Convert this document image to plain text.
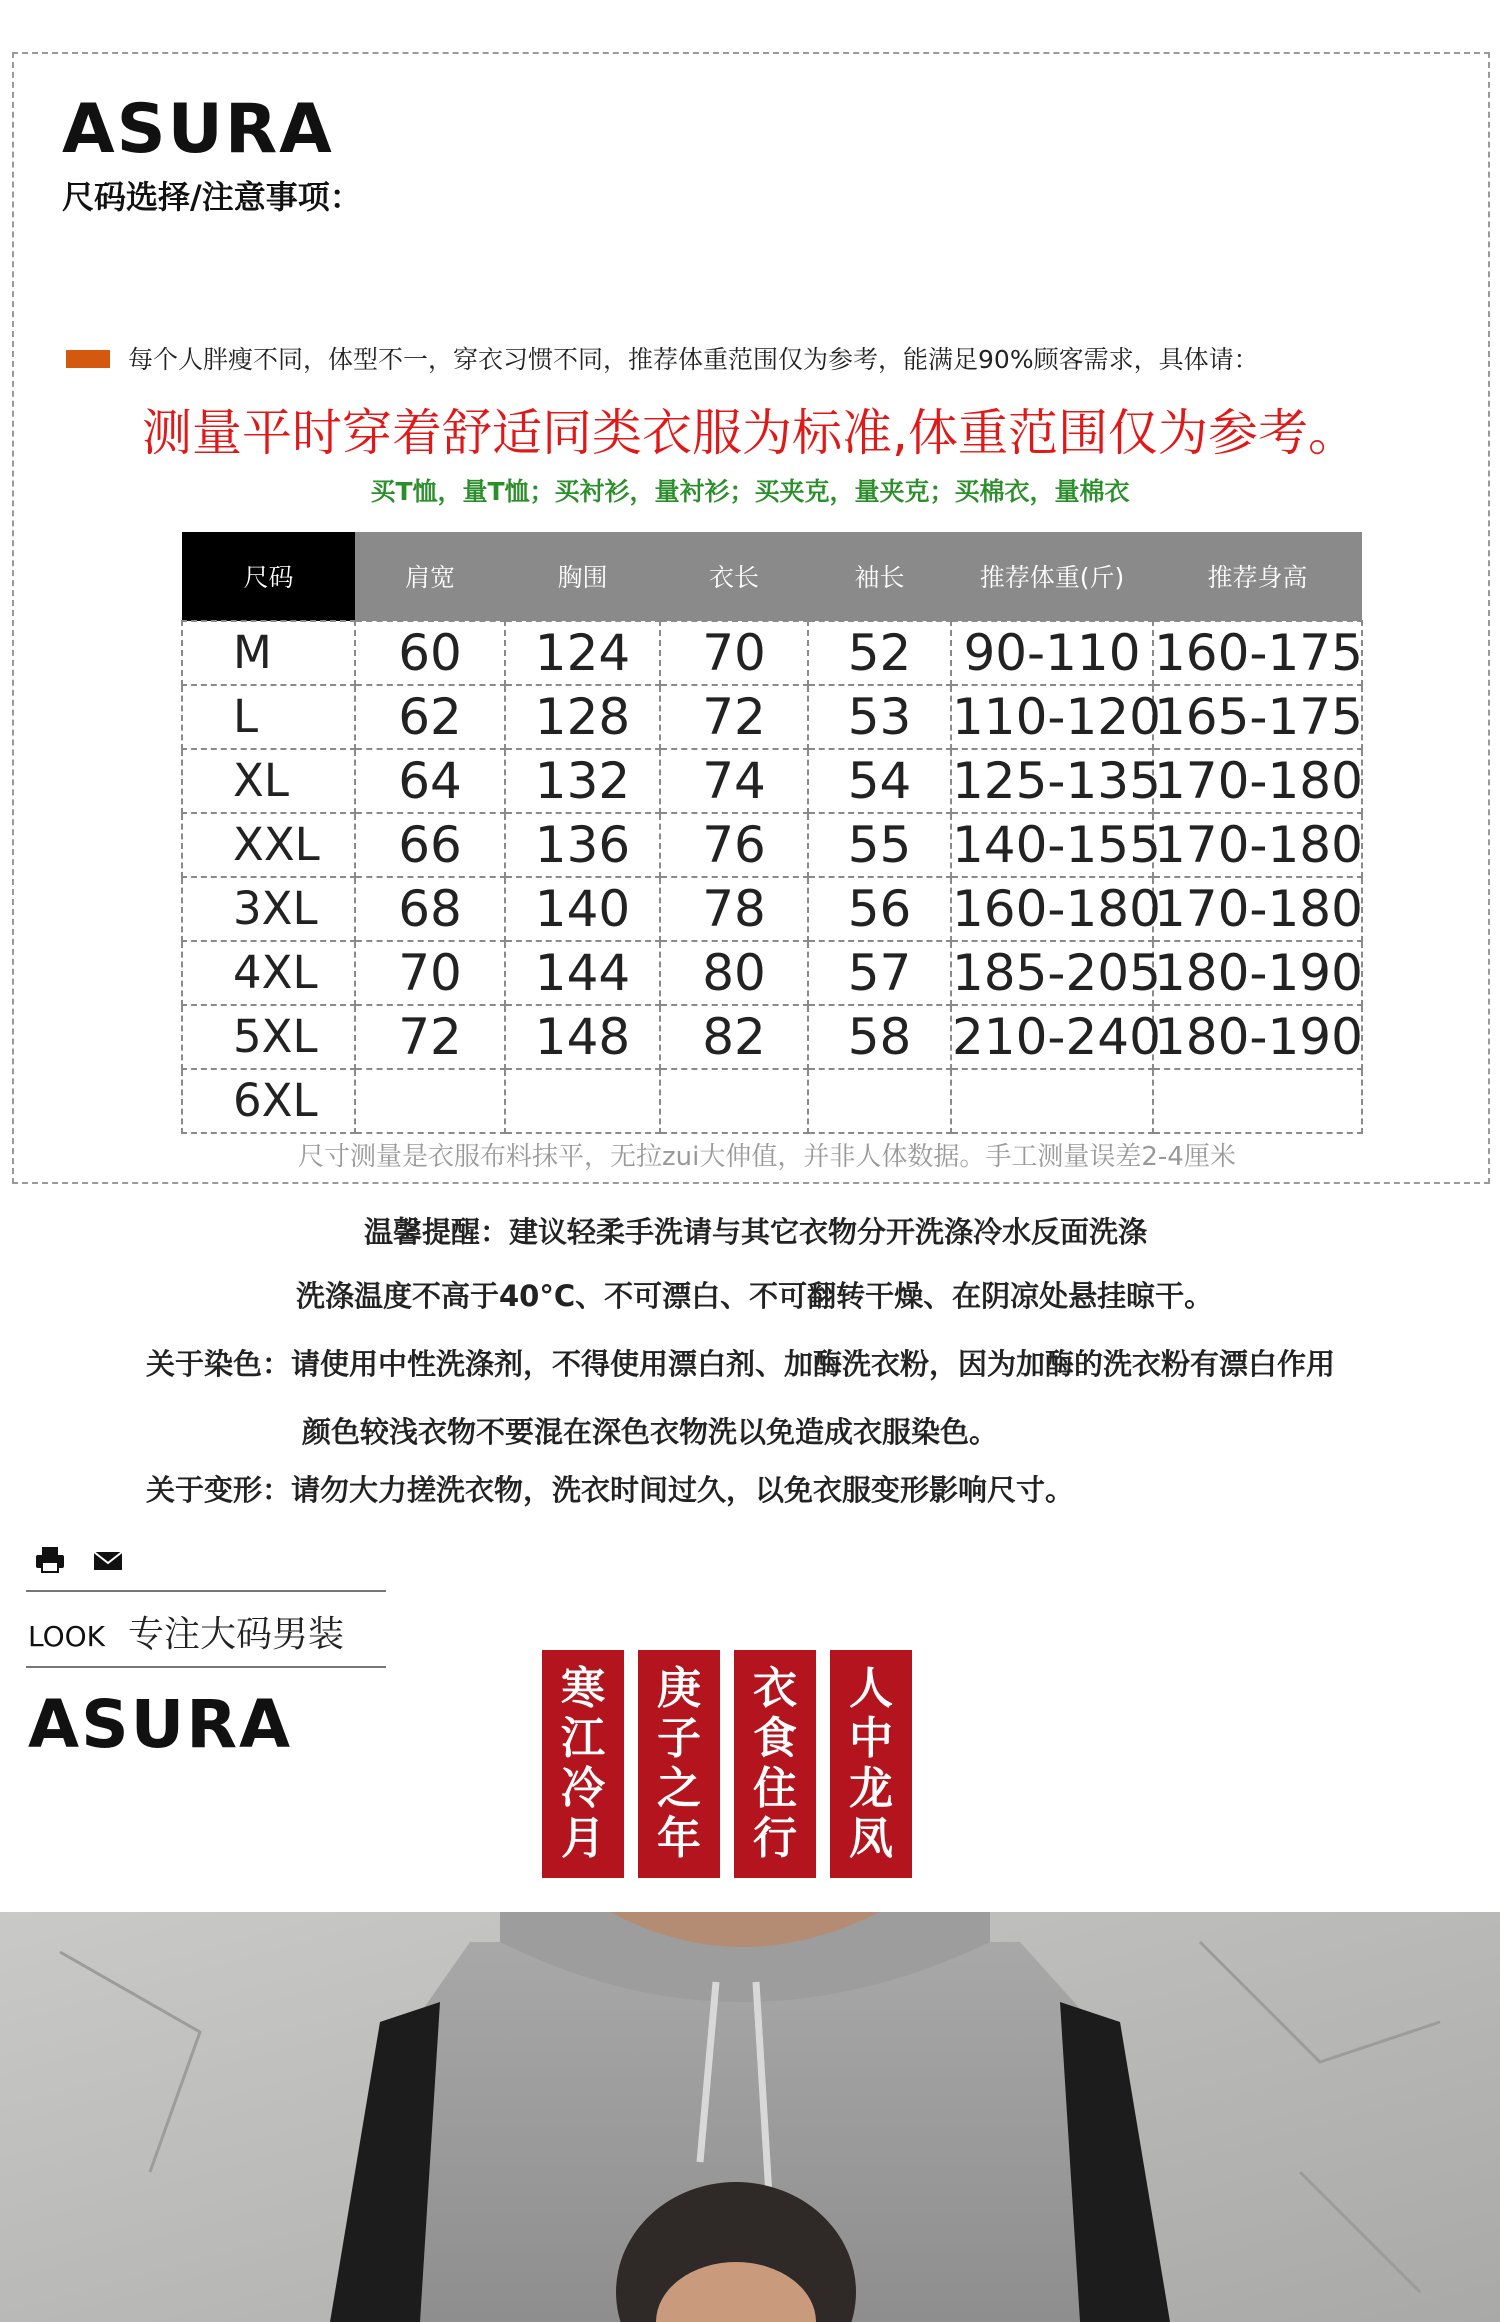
ASURA
尺码选择/注意事项：
每个人胖瘦不同，体型不一，穿衣习惯不同，推荐体重范围仅为参考，能满足90%顾客需求，具体请：
测量平时穿着舒适同类衣服为标准,体重范围仅为参考。
买T恤，量T恤；买衬衫，量衬衫；买夹克，量夹克；买棉衣，量棉衣
尺码	肩宽	胸围	衣长	袖长	推荐体重(斤)	推荐身高
M	60	124	70	52	90-110	160-175
L	62	128	72	53	110-120	165-175
XL	64	132	74	54	125-135	170-180
XXL	66	136	76	55	140-155	170-180
3XL	68	140	78	56	160-180	170-180
4XL	70	144	80	57	185-205	180-190
5XL	72	148	82	58	210-240	180-190
6XL						
尺寸测量是衣服布料抹平，无拉zui大伸值，并非人体数据。手工测量误差2-4厘米
温馨提醒：建议轻柔手洗请与其它衣物分开洗涤冷水反面洗涤
洗涤温度不高于40°C、不可漂白、不可翻转干燥、在阴凉处悬挂晾干。
关于染色：请使用中性洗涤剂，不得使用漂白剂、加酶洗衣粉，因为加酶的洗衣粉有漂白作用
颜色较浅衣物不要混在深色衣物洗以免造成衣服染色。
关于变形：请勿大力搓洗衣物，洗衣时间过久，以免衣服变形影响尺寸。
LOOK 专注大码男装
ASURA	寒江冷月
庚子之年
衣食住行
人中龙凤
